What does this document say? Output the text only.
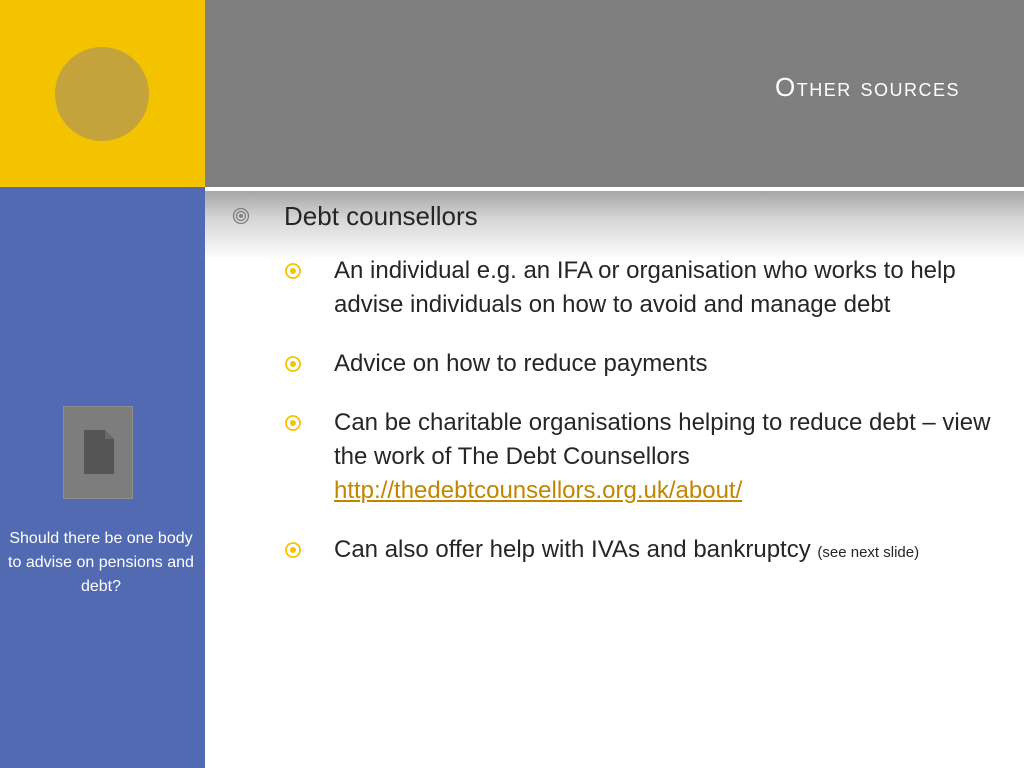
Other sources

Should there be one body to advise on pensions and debt?

Debt counsellors
An individual e.g. an IFA or organisation who works to help advise individuals on how to avoid and manage debt
Advice on how to reduce payments
Can be charitable organisations helping to reduce debt – view the work of The Debt Counsellors
http://thedebtcounsellors.org.uk/about/
Can also offer help with IVAs and bankruptcy (see next slide)
